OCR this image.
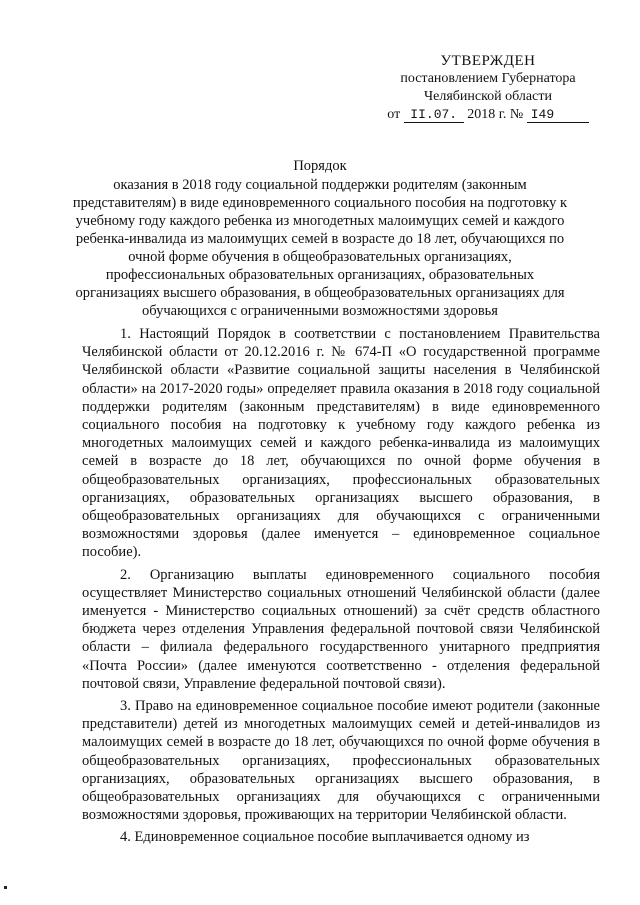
УТВЕРЖДЕН
постановлением Губернатора
Челябинской области
от II.07. 2018 г. № I49
Порядок
оказания в 2018 году социальной поддержки родителям (законным
представителям) в виде единовременного социального пособия на подготовку к
учебному году каждого ребенка из многодетных малоимущих семей и каждого
ребенка-инвалида из малоимущих семей в возрасте до 18 лет, обучающихся по
очной форме обучения в общеобразовательных организациях,
профессиональных образовательных организациях, образовательных
организациях высшего образования, в общеобразовательных организациях для
обучающихся с ограниченными возможностями здоровья

1. Настоящий Порядок в соответствии с постановлением Правительства Челябинской области от 20.12.2016 г. № 674-П «О государственной программе Челябинской области «Развитие социальной защиты населения в Челябинской области» на 2017-2020 годы» определяет правила оказания в 2018 году социальной поддержки родителям (законным представителям) в виде единовременного социального пособия на подготовку к учебному году каждого ребенка из многодетных малоимущих семей и каждого ребенка-инвалида из малоимущих семей в возрасте до 18 лет, обучающихся по очной форме обучения в общеобразовательных организациях, профессиональных образовательных организациях, образовательных организациях высшего образования, в общеобразовательных организациях для обучающихся с ограниченными возможностями здоровья (далее именуется – единовременное социальное пособие).

2. Организацию выплаты единовременного социального пособия осуществляет Министерство социальных отношений Челябинской области (далее именуется - Министерство социальных отношений) за счёт средств областного бюджета через отделения Управления федеральной почтовой связи Челябинской области – филиала федерального государственного унитарного предприятия «Почта России» (далее именуются соответственно - отделения федеральной почтовой связи, Управление федеральной почтовой связи).

3. Право на единовременное социальное пособие имеют родители (законные представители) детей из многодетных малоимущих семей и детей-инвалидов из малоимущих семей в возрасте до 18 лет, обучающихся по очной форме обучения в общеобразовательных организациях, профессиональных образовательных организациях, образовательных организациях высшего образования, в общеобразовательных организациях для обучающихся с ограниченными возможностями здоровья, проживающих на территории Челябинской области.

4. Единовременное социальное пособие выплачивается одному из
